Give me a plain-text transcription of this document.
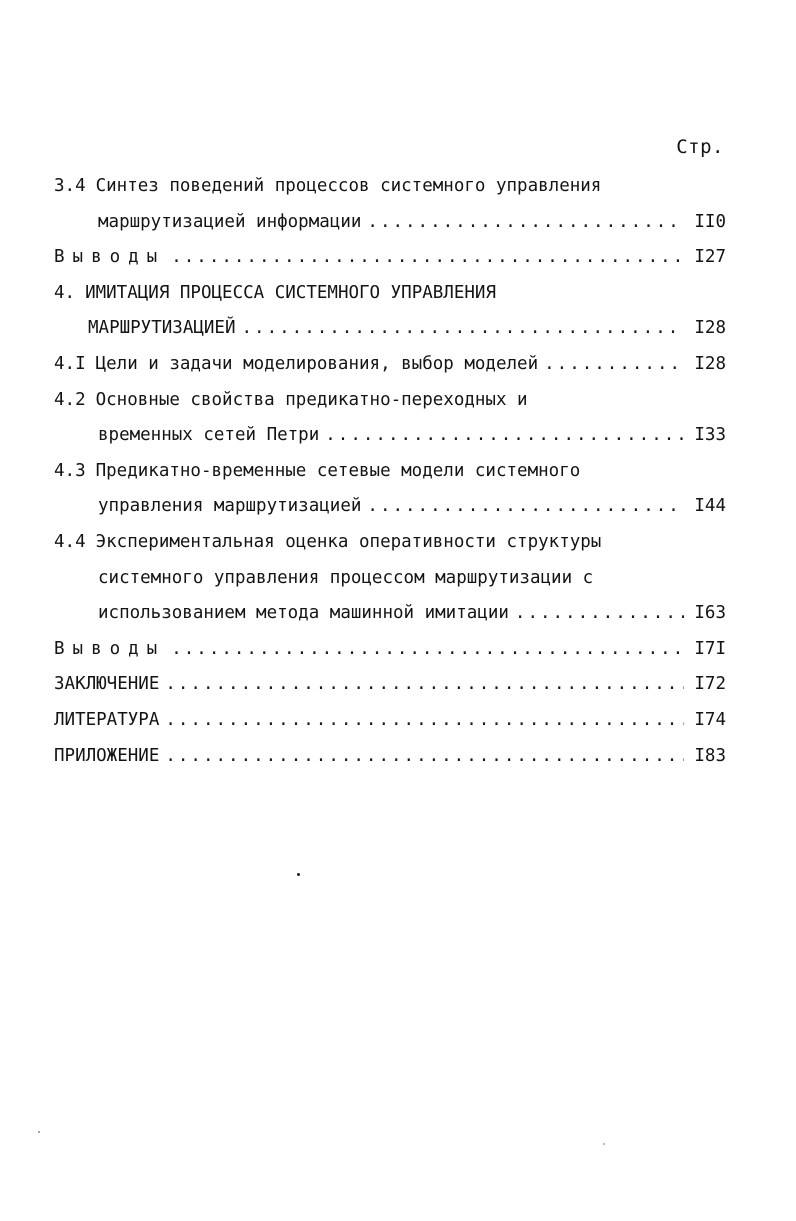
Стр.
3.4 Синтез поведений процессов системного управления
маршрутизацией информации .....	II0
Выводы .....	I27
4. ИМИТАЦИЯ ПРОЦЕССА СИСТЕМНОГО УПРАВЛЕНИЯ
МАРШРУТИЗАЦИЕЙ .....	I28
4.I Цели и задачи моделирования, выбор моделей .....	I28
4.2 Основные свойства предикатно-переходных и
временных сетей Петри .....	I33
4.3 Предикатно-временные сетевые модели системного
управления маршрутизацией .....	I44
4.4 Экспериментальная оценка оперативности структуры
системного управления процессом маршрутизации с
использованием метода машинной имитации .....	I63
Выводы .....	I7I
ЗАКЛЮЧЕНИЕ .....	I72
ЛИТЕРАТУРА .....	I74
ПРИЛОЖЕНИЕ .....	I83
